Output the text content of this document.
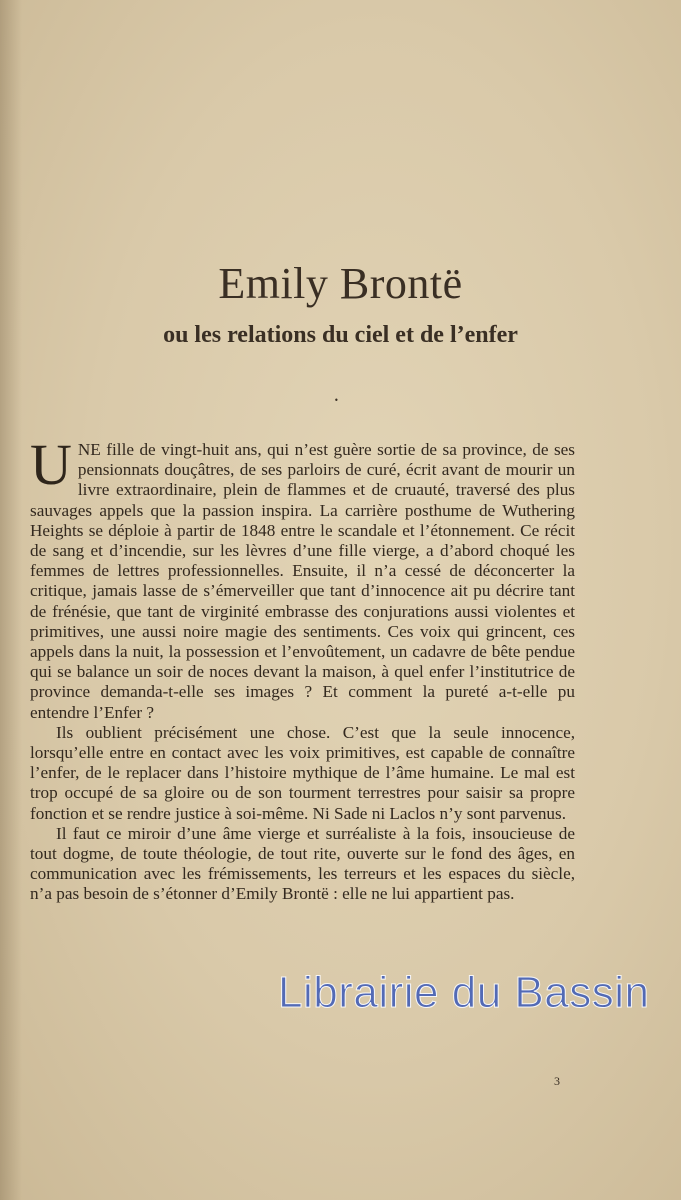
Emily Brontë
ou les relations du ciel et de l’enfer
•

UNE fille de vingt-huit ans, qui n’est guère sortie de sa province, de ses pensionnats douçâtres, de ses parloirs de curé, écrit avant de mourir un livre extraordinaire, plein de flammes et de cruauté, traversé des plus sauvages appels que la passion inspira. La carrière posthume de Wuthering Heights se déploie à partir de 1848 entre le scandale et l’étonnement. Ce récit de sang et d’incendie, sur les lèvres d’une fille vierge, a d’abord choqué les femmes de lettres professionnelles. Ensuite, il n’a cessé de déconcerter la critique, jamais lasse de s’émerveiller que tant d’innocence ait pu décrire tant de frénésie, que tant de virginité embrasse des conjurations aussi violentes et primitives, une aussi noire magie des sentiments. Ces voix qui grincent, ces appels dans la nuit, la possession et l’envoûtement, un cadavre de bête pendue qui se balance un soir de noces devant la maison, à quel enfer l’institutrice de province demanda-t-elle ses images ? Et comment la pureté a-t-elle pu entendre l’Enfer ?

Ils oublient précisément une chose. C’est que la seule innocence, lorsqu’elle entre en contact avec les voix primitives, est capable de connaître l’enfer, de le replacer dans l’histoire mythique de l’âme humaine. Le mal est trop occupé de sa gloire ou de son tourment terrestres pour saisir sa propre fonction et se rendre justice à soi-même. Ni Sade ni Laclos n’y sont parvenus.

Il faut ce miroir d’une âme vierge et surréaliste à la fois, insoucieuse de tout dogme, de toute théologie, de tout rite, ouverte sur le fond des âges, en communication avec les frémissements, les terreurs et les espaces du siècle, n’a pas besoin de s’étonner d’Emily Brontë : elle ne lui appartient pas.

3
Librairie du Bassin
